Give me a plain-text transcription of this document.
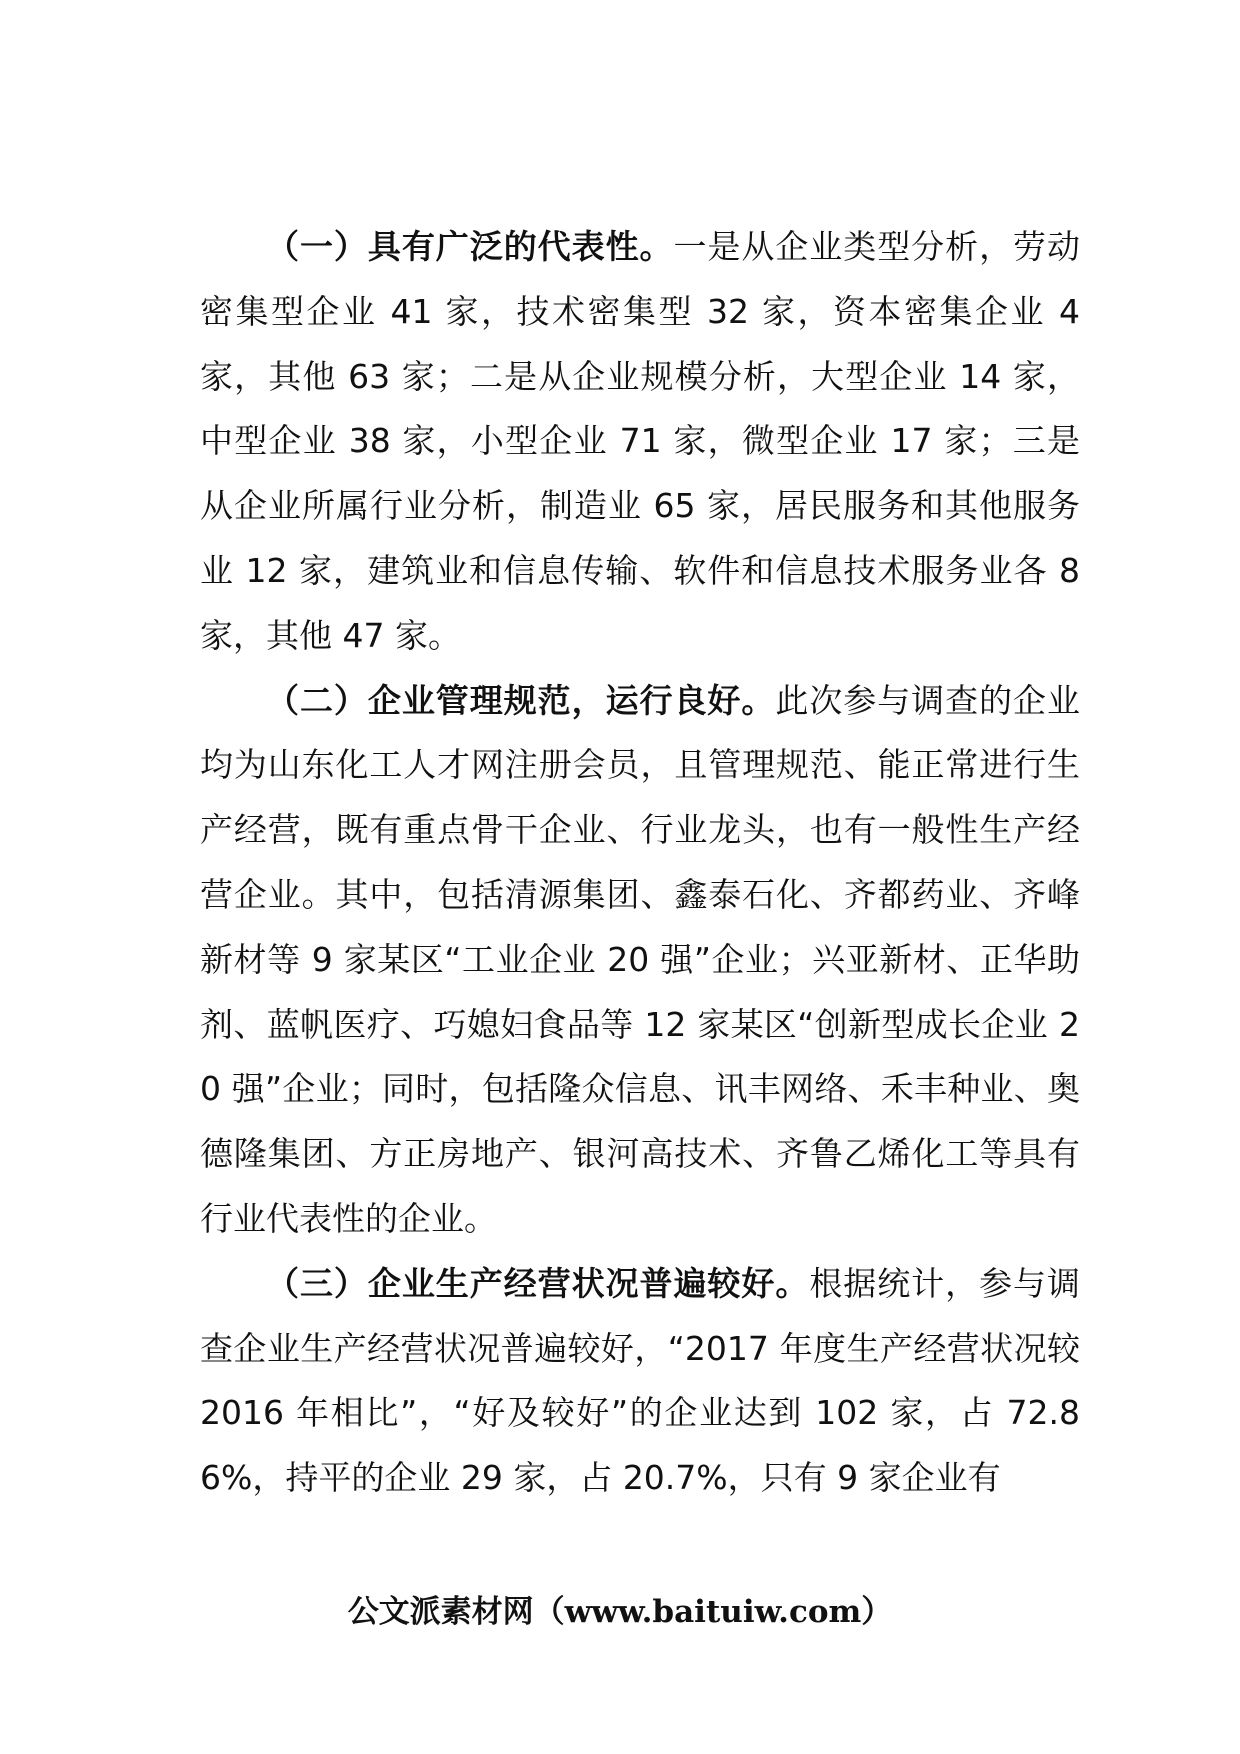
（一）具有广泛的代表性。一是从企业类型分析，劳动密集型企业 41 家，技术密集型 32 家，资本密集企业 4 家，其他 63 家；二是从企业规模分析，大型企业 14 家，中型企业 38 家，小型企业 71 家，微型企业 17 家；三是从企业所属行业分析，制造业 65 家，居民服务和其他服务业 12 家，建筑业和信息传输、软件和信息技术服务业各 8 家，其他 47 家。

（二）企业管理规范，运行良好。此次参与调查的企业均为山东化工人才网注册会员，且管理规范、能正常进行生产经营，既有重点骨干企业、行业龙头，也有一般性生产经营企业。其中，包括清源集团、鑫泰石化、齐都药业、齐峰新材等 9 家某区“工业企业 20 强”企业；兴亚新材、正华助剂、蓝帆医疗、巧媳妇食品等 12 家某区“创新型成长企业 20 强”企业；同时，包括隆众信息、讯丰网络、禾丰种业、奥德隆集团、方正房地产、银河高技术、齐鲁乙烯化工等具有行业代表性的企业。

（三）企业生产经营状况普遍较好。根据统计，参与调查企业生产经营状况普遍较好，“2017 年度生产经营状况较 2016 年相比”，“好及较好”的企业达到 102 家，占 72.86%，持平的企业 29 家，占 20.7%，只有 9 家企业有

公文派素材网（www.baituiw.com）
